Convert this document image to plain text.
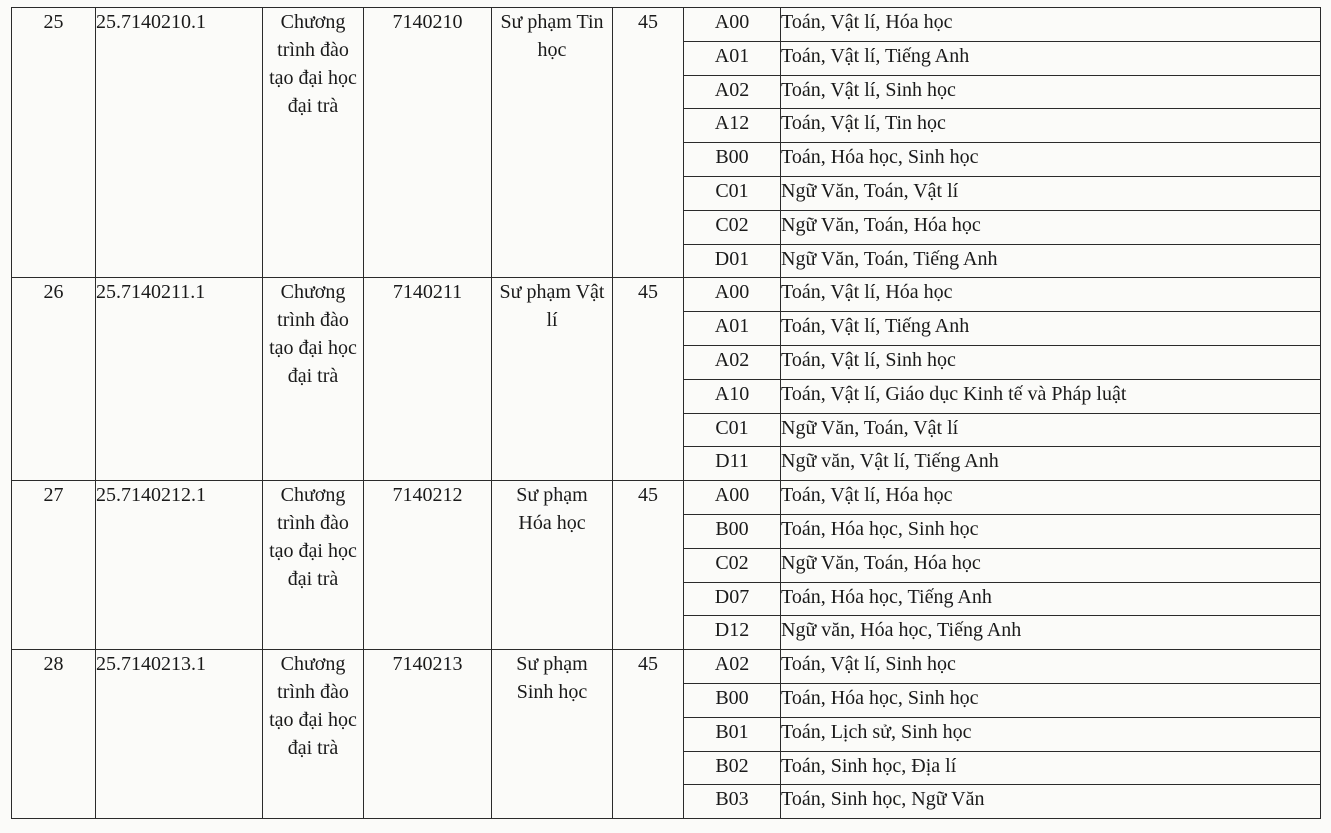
25	25.7140210.1	Chương trình đào tạo đại học đại trà	7140210	Sư phạm Tin học	45	A00	Toán, Vật lí, Hóa học
						A01	Toán, Vật lí, Tiếng Anh
						A02	Toán, Vật lí, Sinh học
						A12	Toán, Vật lí, Tin học
						B00	Toán, Hóa học, Sinh học
						C01	Ngữ Văn, Toán, Vật lí
						C02	Ngữ Văn, Toán, Hóa học
						D01	Ngữ Văn, Toán, Tiếng Anh
26	25.7140211.1	Chương trình đào tạo đại học đại trà	7140211	Sư phạm Vật lí	45	A00	Toán, Vật lí, Hóa học
						A01	Toán, Vật lí, Tiếng Anh
						A02	Toán, Vật lí, Sinh học
						A10	Toán, Vật lí, Giáo dục Kinh tế và Pháp luật
						C01	Ngữ Văn, Toán, Vật lí
						D11	Ngữ văn, Vật lí, Tiếng Anh
27	25.7140212.1	Chương trình đào tạo đại học đại trà	7140212	Sư phạm Hóa học	45	A00	Toán, Vật lí, Hóa học
						B00	Toán, Hóa học, Sinh học
						C02	Ngữ Văn, Toán, Hóa học
						D07	Toán, Hóa học, Tiếng Anh
						D12	Ngữ văn, Hóa học, Tiếng Anh
28	25.7140213.1	Chương trình đào tạo đại học đại trà	7140213	Sư phạm Sinh học	45	A02	Toán, Vật lí, Sinh học
						B00	Toán, Hóa học, Sinh học
						B01	Toán, Lịch sử, Sinh học
						B02	Toán, Sinh học, Địa lí
						B03	Toán, Sinh học, Ngữ Văn
